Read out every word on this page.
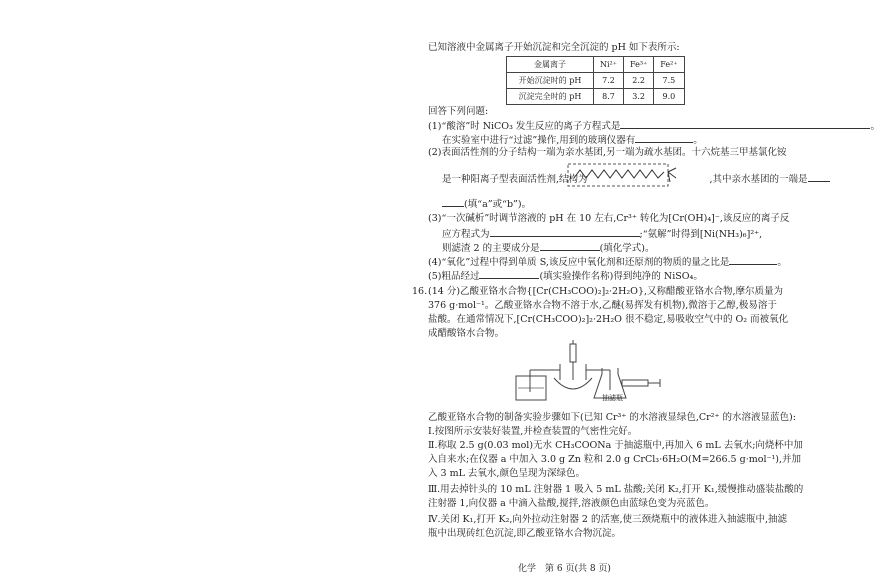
已知溶液中金属离子开始沉淀和完全沉淀的 pH 如下表所示:
金属离子	Ni²⁺	Fe³⁺	Fe²⁺
开始沉淀时的 pH	7.2	2.2	7.5
沉淀完全时的 pH	8.7	3.2	9.0
回答下列问题:
(1)“酸溶”时 NiCO₃ 发生反应的离子方程式是	。
在实验室中进行“过滤”操作,用到的玻璃仪器有	。
(2)表面活性剂的分子结构一端为亲水基团,另一端为疏水基团。十六烷基三甲基氯化铵
是一种阳离子型表面活性剂,结构为	,其中亲水基团的一端是
(填“a”或“b”)。
(3)“一次碱析”时调节溶液的 pH 在 10 左右,Cr³⁺ 转化为[Cr(OH)₄]⁻,该反应的离子反
应方程式为	;“氨解”时得到[Ni(NH₃)₆]²⁺,
则滤渣 2 的主要成分是	(填化学式)。
(4)“氧化”过程中得到单质 S,该反应中氧化剂和还原剂的物质的量之比是	。
(5)粗品经过	(填实验操作名称)得到纯净的 NiSO₄。
16. (14 分)乙酸亚铬水合物{[Cr(CH₃COO)₂]₂·2H₂O},又称醋酸亚铬水合物,摩尔质量为
376 g·mol⁻¹。乙酸亚铬水合物不溶于水,乙醚(易挥发有机物),微溶于乙醇,极易溶于
盐酸。在通常情况下,[Cr(CH₃COO)₂]₂·2H₂O 很不稳定,易吸收空气中的 O₂ 而被氧化
成醋酸铬水合物。
抽滤瓶
乙酸亚铬水合物的制备实验步骤如下(已知 Cr³⁺ 的水溶液显绿色,Cr²⁺ 的水溶液显蓝色):
Ⅰ.按图所示安装好装置,并检查装置的气密性完好。
Ⅱ.称取 2.5 g(0.03 mol)无水 CH₃COONa 于抽滤瓶中,再加入 6 mL 去氧水;向烧杯中加
入自来水;在仪器 a 中加入 3.0 g Zn 粒和 2.0 g CrCl₃·6H₂O(M=266.5 g·mol⁻¹),并加
入 3 mL 去氧水,颜色呈现为深绿色。
Ⅲ.用去掉针头的 10 mL 注射器 1 吸入 5 mL 盐酸;关闭 K₂,打开 K₁,缓慢推动盛装盐酸的
注射器 1,向仪器 a 中滴入盐酸,搅拌,溶液颜色由蓝绿色变为亮蓝色。
Ⅳ.关闭 K₁,打开 K₂,向外拉动注射器 2 的活塞,使三颈烧瓶中的液体进入抽滤瓶中,抽滤
瓶中出现砖红色沉淀,即乙酸亚铬水合物沉淀。
化学　第 6 页(共 8 页)
